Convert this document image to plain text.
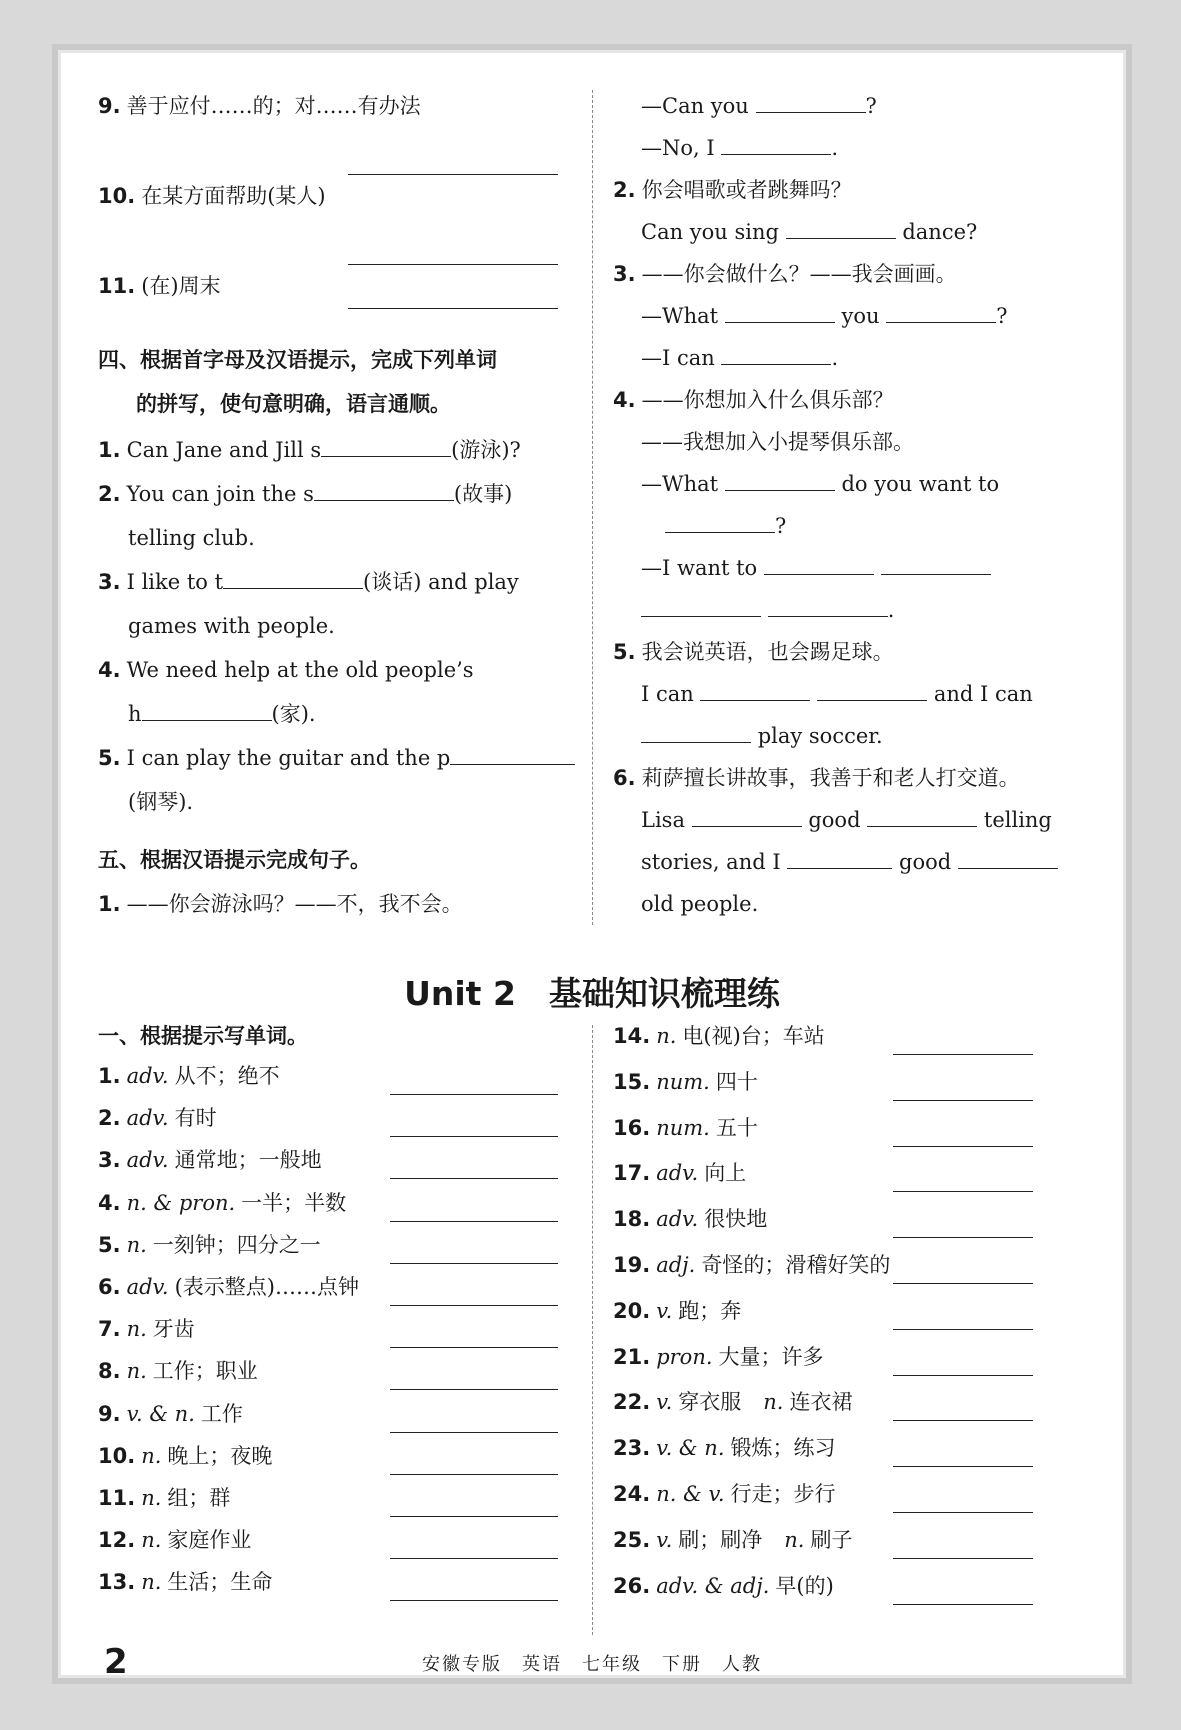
9. 善于应付……的；对……有办法
10. 在某方面帮助(某人)
11. (在)周末
四、根据首字母及汉语提示，完成下列单词
的拼写，使句意明确，语言通顺。
1. Can Jane and Jill s	(游泳)?
2. You can join the s	(故事)
telling club.
3. I like to t	(谈话) and play
games with people.
4. We need help at the old people’s
h	(家).
5. I can play the guitar and the p
(钢琴).
五、根据汉语提示完成句子。
1. ——你会游泳吗？——不，我不会。
—Can you	?
—No, I	.
2. 你会唱歌或者跳舞吗？
Can you sing	dance?
3. ——你会做什么？——我会画画。
—What	you	?
—I can	.
4. ——你想加入什么俱乐部？
——我想加入小提琴俱乐部。
—What	do you want to
?
—I want to
.
5. 我会说英语，也会踢足球。
I can	and I can
play soccer.
6. 莉萨擅长讲故事，我善于和老人打交道。
Lisa	good	telling
stories, and I	good
old people.
Unit 2　基础知识梳理练
一、根据提示写单词。
1. adv. 从不；绝不
2. adv. 有时
3. adv. 通常地；一般地
4. n. & pron. 一半；半数
5. n. 一刻钟；四分之一
6. adv. (表示整点)……点钟
7. n. 牙齿
8. n. 工作；职业
9. v. & n. 工作
10. n. 晚上；夜晚
11. n. 组；群
12. n. 家庭作业
13. n. 生活；生命
14. n. 电(视)台；车站
15. num. 四十
16. num. 五十
17. adv. 向上
18. adv. 很快地
19. adj. 奇怪的；滑稽好笑的
20. v. 跑；奔
21. pron. 大量；许多
22. v. 穿衣服 n. 连衣裙
23. v. & n. 锻炼；练习
24. n. & v. 行走；步行
25. v. 刷；刷净 n. 刷子
26. adv. & adj. 早(的)
2	安徽专版　英语　七年级　下册　人教
